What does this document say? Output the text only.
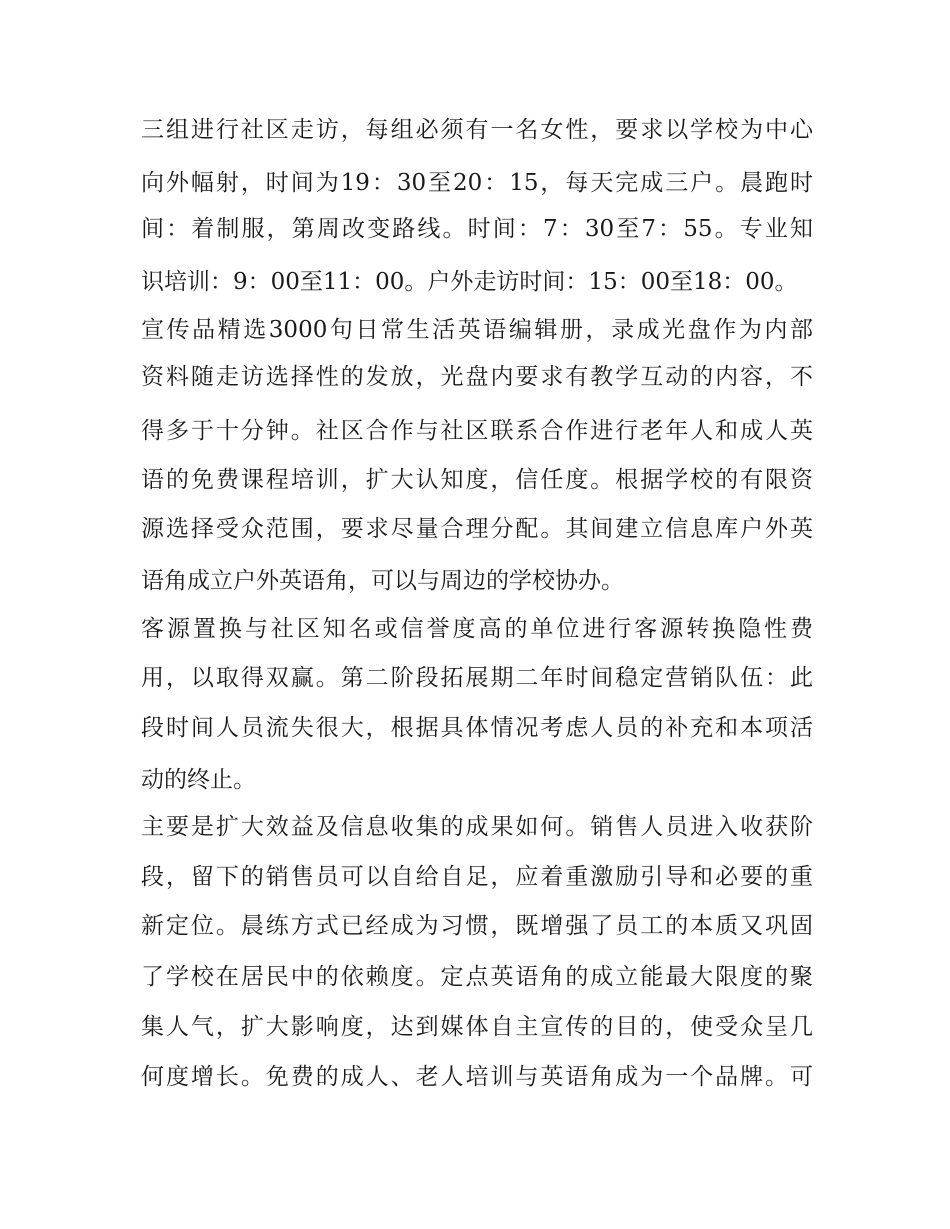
三组进行社区走访，每组必须有一名女性，要求以学校为中心
向外幅射，时间为19：30至20：15，每天完成三户。晨跑时
间：着制服，第周改变路线。时间：7：30至7：55。专业知
识培训：9：00至11：00。户外走访时间：15：00至18：00。
宣传品精选3000句日常生活英语编辑册，录成光盘作为内部
资料随走访选择性的发放，光盘内要求有教学互动的内容，不
得多于十分钟。社区合作与社区联系合作进行老年人和成人英
语的免费课程培训，扩大认知度，信任度。根据学校的有限资
源选择受众范围，要求尽量合理分配。其间建立信息库户外英
语角成立户外英语角，可以与周边的学校协办。
客源置换与社区知名或信誉度高的单位进行客源转换隐性费
用，以取得双赢。第二阶段拓展期二年时间稳定营销队伍：此
段时间人员流失很大，根据具体情况考虑人员的补充和本项活
动的终止。
主要是扩大效益及信息收集的成果如何。销售人员进入收获阶
段，留下的销售员可以自给自足，应着重激励引导和必要的重
新定位。晨练方式已经成为习惯，既增强了员工的本质又巩固
了学校在居民中的依赖度。定点英语角的成立能最大限度的聚
集人气，扩大影响度，达到媒体自主宣传的目的，使受众呈几
何度增长。免费的成人、老人培训与英语角成为一个品牌。可
